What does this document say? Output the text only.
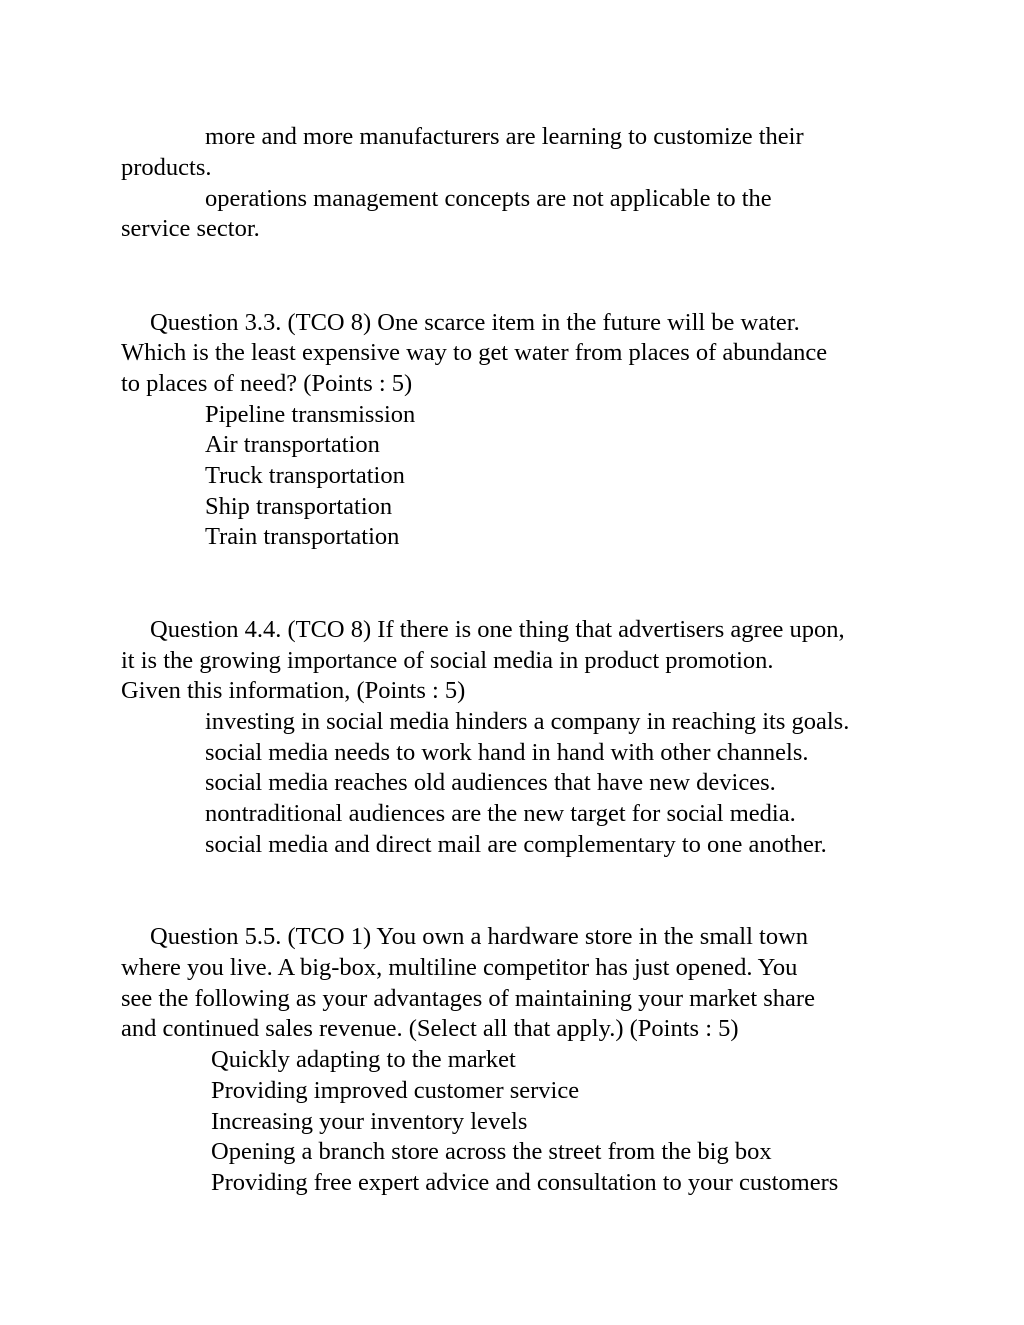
more and more manufacturers are learning to customize their
products.
operations management concepts are not applicable to the
service sector.
Question 3.3. (TCO 8) One scarce item in the future will be water.
Which is the least expensive way to get water from places of abundance
to places of need? (Points : 5)
Pipeline transmission
Air transportation
Truck transportation
Ship transportation
Train transportation
Question 4.4. (TCO 8) If there is one thing that advertisers agree upon,
it is the growing importance of social media in product promotion.
Given this information, (Points : 5)
investing in social media hinders a company in reaching its goals.
social media needs to work hand in hand with other channels.
social media reaches old audiences that have new devices.
nontraditional audiences are the new target for social media.
social media and direct mail are complementary to one another.
Question 5.5. (TCO 1) You own a hardware store in the small town
where you live. A big-box, multiline competitor has just opened. You
see the following as your advantages of maintaining your market share
and continued sales revenue. (Select all that apply.) (Points : 5)
Quickly adapting to the market
Providing improved customer service
Increasing your inventory levels
Opening a branch store across the street from the big box
Providing free expert advice and consultation to your customers
